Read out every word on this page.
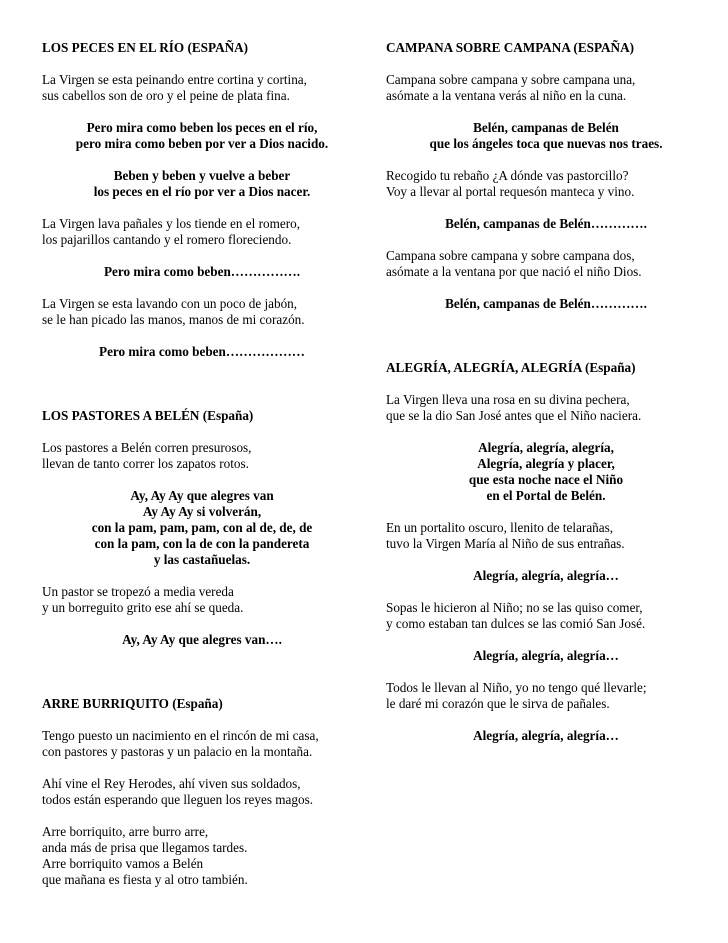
LOS PECES EN EL RÍO (ESPAÑA)
La Virgen se esta peinando entre cortina y cortina,
sus cabellos son de oro y el peine de plata fina.
Pero mira como beben los peces en el río,
pero mira como beben por ver a Dios nacido.
Beben y beben y vuelve a beber
los peces en el río por ver a Dios nacer.
La Virgen lava pañales y los tiende en el romero,
los pajarillos cantando y el romero floreciendo.
Pero mira como beben…………….
La Virgen se esta lavando con un poco de jabón,
se le han picado las manos, manos de mi corazón.
Pero mira como beben………………
LOS PASTORES A BELÉN (España)
Los pastores a Belén corren presurosos,
llevan de tanto correr los zapatos rotos.
Ay, Ay Ay que alegres van
Ay Ay Ay si volverán,
con la pam, pam, pam, con al de, de, de
con la pam, con la de con la pandereta
y las castañuelas.
Un pastor se tropezó a media vereda
y un borreguito grito ese ahí se queda.
Ay, Ay Ay que alegres van….
ARRE BURRIQUITO (España)
Tengo puesto un nacimiento en el rincón de mi casa,
con pastores y pastoras y un palacio en la montaña.
Ahí vine el Rey Herodes, ahí viven sus soldados,
todos están esperando que lleguen los reyes magos.
Arre borriquito, arre burro arre,
anda más de prisa que llegamos tardes.
Arre borriquito vamos a Belén
que mañana es fiesta y al otro también.
CAMPANA SOBRE CAMPANA (ESPAÑA)
Campana sobre campana y sobre campana una,
asómate a la ventana verás al niño en la cuna.
Belén, campanas de Belén
que los ángeles toca que nuevas nos traes.
Recogido tu rebaño ¿A dónde vas pastorcillo?
Voy a llevar al portal requesón manteca y vino.
Belén, campanas de Belén………….
Campana sobre campana y sobre campana dos,
asómate a la ventana por que nació el niño Dios.
Belén, campanas de Belén………….
ALEGRÍA, ALEGRÍA, ALEGRÍA (España)
La Virgen lleva una rosa en su divina pechera,
que se la dio San José antes que el Niño naciera.
Alegría, alegría, alegría,
Alegría, alegría y placer,
que esta noche nace el Niño
en el Portal de Belén.
En un portalito oscuro, llenito de telarañas,
tuvo la Virgen María al Niño de sus entrañas.
Alegría, alegría, alegría…
Sopas le hicieron al Niño; no se las quiso comer,
y como estaban tan dulces se las comió San José.
Alegría, alegría, alegría…
Todos le llevan al Niño, yo no tengo qué llevarle;
le daré mi corazón que le sirva de pañales.
Alegría, alegría, alegría…
